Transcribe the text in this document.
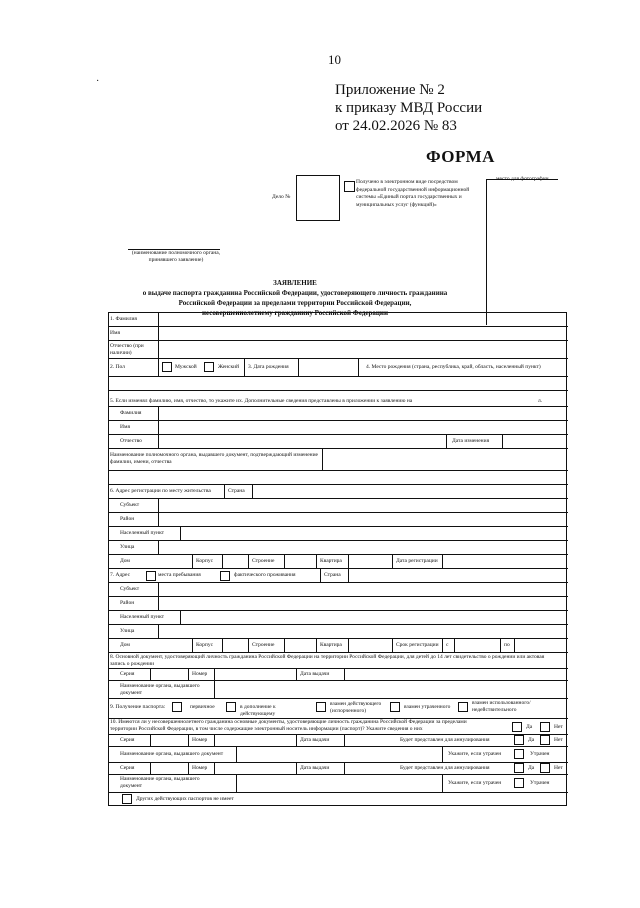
10
·
Приложение № 2
к приказу МВД России
от 24.02.2026 № 83
ФОРМА
место для фотографии
Дело №
Получено в электронном виде посредством федеральной государственной информационной системы «Единый портал государственных и муниципальных услуг (функций)»
(наименование полномочного органа, принявшего заявление)
ЗАЯВЛЕНИЕ
о выдаче паспорта гражданина Российской Федерации, удостоверяющего личность гражданина
Российской Федерации за пределами территории Российской Федерации,
несовершеннолетнему гражданину Российской Федерации
1. Фамилия
Имя
Отчество (при наличии)
2. Пол	Мужской	Женский 3. Дата рождения	4. Место рождения (страна, республика, край, область, населенный пункт)
5. Если изменял фамилию, имя, отчество, то укажите их. Дополнительные сведения представлены в приложении к заявлению на	л.
Фамилия
Имя
Отчество	Дата изменения
Наименование полномочного органа, выдавшего документ, подтверждающий изменение фамилии, имени, отчества
6. Адрес регистрации по месту жительства	Страна
Субъект
Район
Населенный пункт
Улица
Дом	Корпус	Строение	Квартира	Дата регистрации
7. Адрес	места пребывания	фактического проживания	Страна
Субъект
Район
Населенный пункт
Улица
Дом	Корпус	Строение	Квартира	Срок регистрации с	по
8. Основной документ, удостоверяющий личность гражданина Российской Федерации на территории Российской Федерации, для детей до 14 лет свидетельство о рождении или актовая запись о рождении
Серия	Номер	Дата выдачи
Наименование органа, выдавшего документ
9. Получение паспорта:	первичное	в дополнение к действующему
взамен действующего (испорченного)
взамен утраченного
взамен использованного/ недействительного
10. Имеются ли у несовершеннолетнего гражданина основные документы, удостоверяющие личность гражданина Российской Федерации за пределами территории Российской Федерации, в том числе содержащие электронный носитель информации (паспорт)? Укажите сведения о них	Да	Нет
Серия	Номер	Дата выдачи	Будет представлен для аннулирования	Да	Нет
Наименование органа, выдавшего документ	Укажите, если утрачен	Утрачен
Серия	Номер	Дата выдачи	Будет представлен для аннулирования	Да	Нет
Наименование органа, выдавшего документ	Укажите, если утрачен	Утрачен
Других действующих паспортов не имеет
